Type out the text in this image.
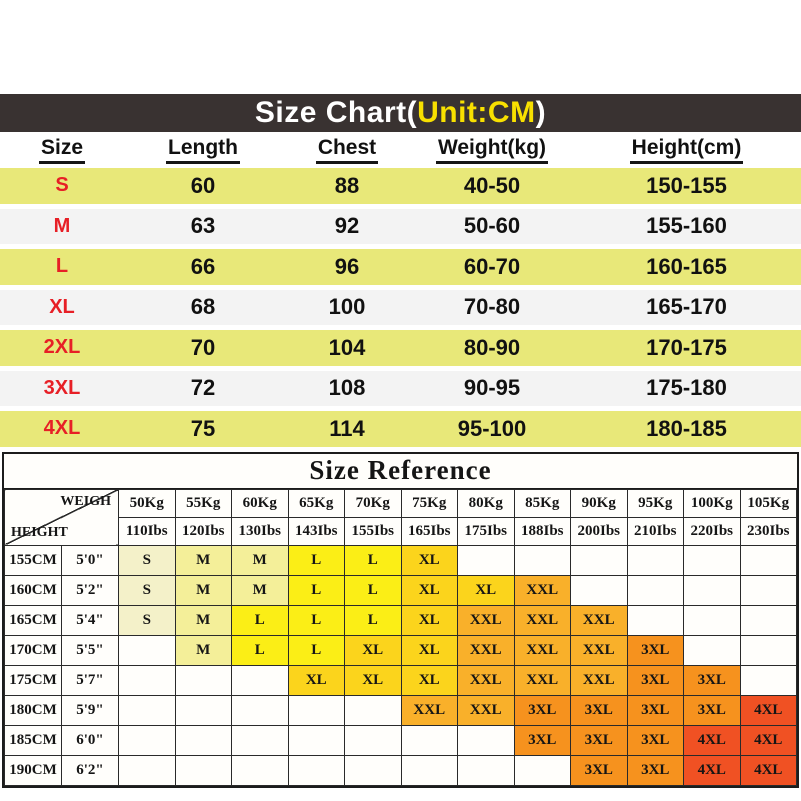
Size Chart(Unit:CM)
Size	Length	Chest	Weight(kg)	Height(cm)
S	60	88	40-50	150-155
M	63	92	50-60	155-160
L	66	96	60-70	160-165
XL	68	100	70-80	165-170
2XL	70	104	80-90	170-175
3XL	72	108	90-95	175-180
4XL	75	114	95-100	180-185
Size Reference
WEIGH
HEIGHT		50Kg	55Kg	60Kg	65Kg	70Kg	75Kg	80Kg	85Kg	90Kg	95Kg	100Kg	105Kg
		110Ibs	120Ibs	130Ibs	143Ibs	155Ibs	165Ibs	175Ibs	188Ibs	200Ibs	210Ibs	220Ibs	230Ibs
155CM	5'0"	S	M	M	L	L	XL						
160CM	5'2"	S	M	M	L	L	XL	XL	XXL				
165CM	5'4"	S	M	L	L	L	XL	XXL	XXL	XXL			
170CM	5'5"		M	L	L	XL	XL	XXL	XXL	XXL	3XL		
175CM	5'7"				XL	XL	XL	XXL	XXL	XXL	3XL	3XL	
180CM	5'9"						XXL	XXL	3XL	3XL	3XL	3XL	4XL
185CM	6'0"								3XL	3XL	3XL	4XL	4XL
190CM	6'2"									3XL	3XL	4XL	4XL
